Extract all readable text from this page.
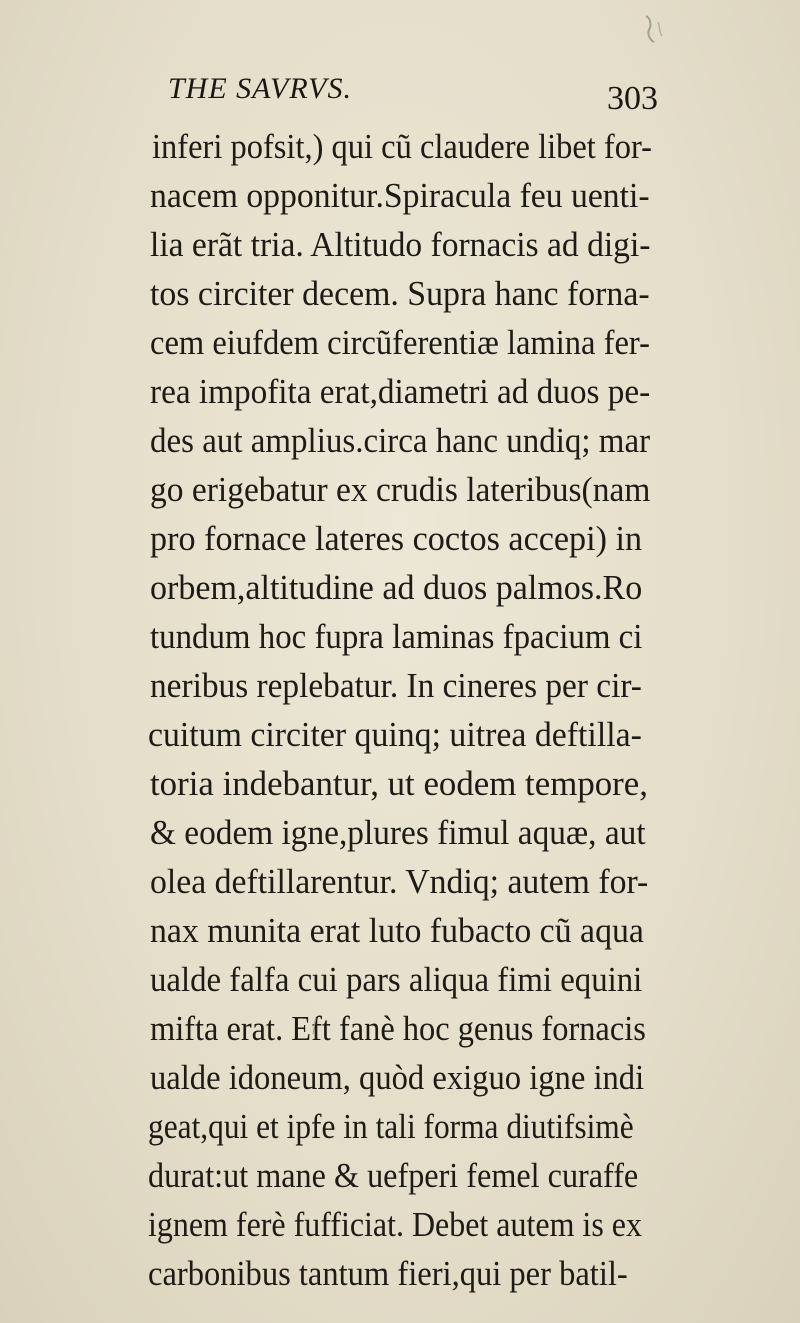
THE SAVRVS.	303
inferi pofsit,) qui cũ claudere libet for-
nacem opponitur.Spiracula feu uenti-
lia erãt tria. Altitudo fornacis ad digi-
tos circiter decem. Supra hanc forna-
cem eiufdem circũferentiæ lamina fer-
rea impofita erat,diametri ad duos pe-
des aut amplius.circa hanc undiq; mar
go erigebatur ex crudis lateribus(nam
pro fornace lateres coctos accepi) in
orbem,altitudine ad duos palmos.Ro
tundum hoc fupra laminas fpacium ci
neribus replebatur. In cineres per cir-
cuitum circiter quinq; uitrea deftilla-
toria indebantur, ut eodem tempore,
& eodem igne,plures fimul aquæ, aut
olea deftillarentur. Vndiq; autem for-
nax munita erat luto fubacto cũ aqua
ualde falfa cui pars aliqua fimi equini
mifta erat. Eft fanè hoc genus fornacis
ualde idoneum, quòd exiguo igne indi
geat,qui et ipfe in tali forma diutifsimè
durat:ut mane & uefperi femel curaffe
ignem ferè fufficiat. Debet autem is ex
carbonibus tantum fieri,qui per batil-
